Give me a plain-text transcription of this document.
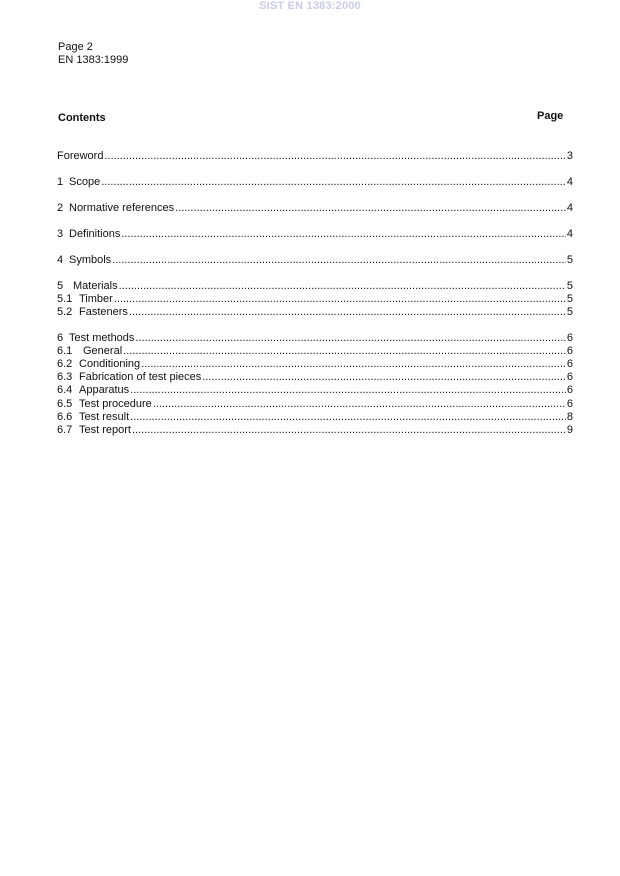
SIST EN 1383:2000
Page 2
EN 1383:1999
Contents	Page
Foreword .....	3
1 Scope .....	4
2 Normative references .....	4
3 Definitions .....	4
4 Symbols .....	5
5 Materials .....	5
5.1 Timber .....	5
5.2 Fasteners .....	5
6 Test methods .....	6
6.1 General .....	6
6.2 Conditioning .....	6
6.3 Fabrication of test pieces .....	6
6.4 Apparatus .....	6
6.5 Test procedure .....	6
6.6 Test result .....	8
6.7 Test report .....	9
